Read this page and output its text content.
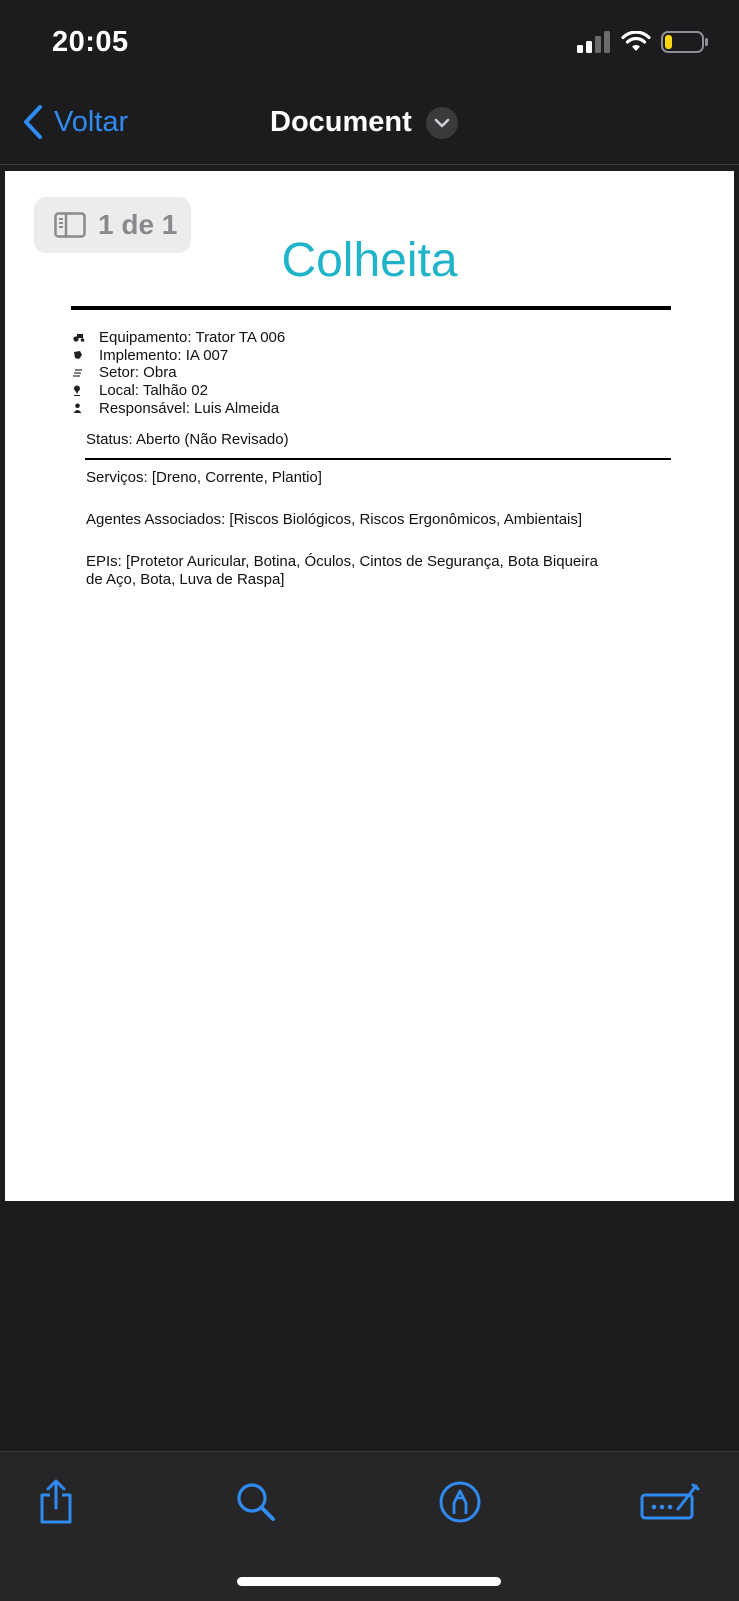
20:05
Voltar	Document
1 de 1
Colheita
Equipamento: Trator TA 006
Implemento: IA 007
Setor: Obra
Local: Talhão 02
Responsável: Luis Almeida
Status: Aberto (Não Revisado)
Serviços: [Dreno, Corrente, Plantio]
Agentes Associados: [Riscos Biológicos, Riscos Ergonômicos, Ambientais]
EPIs: [Protetor Auricular, Botina, Óculos, Cintos de Segurança, Bota Biqueira
de Aço, Bota, Luva de Raspa]
